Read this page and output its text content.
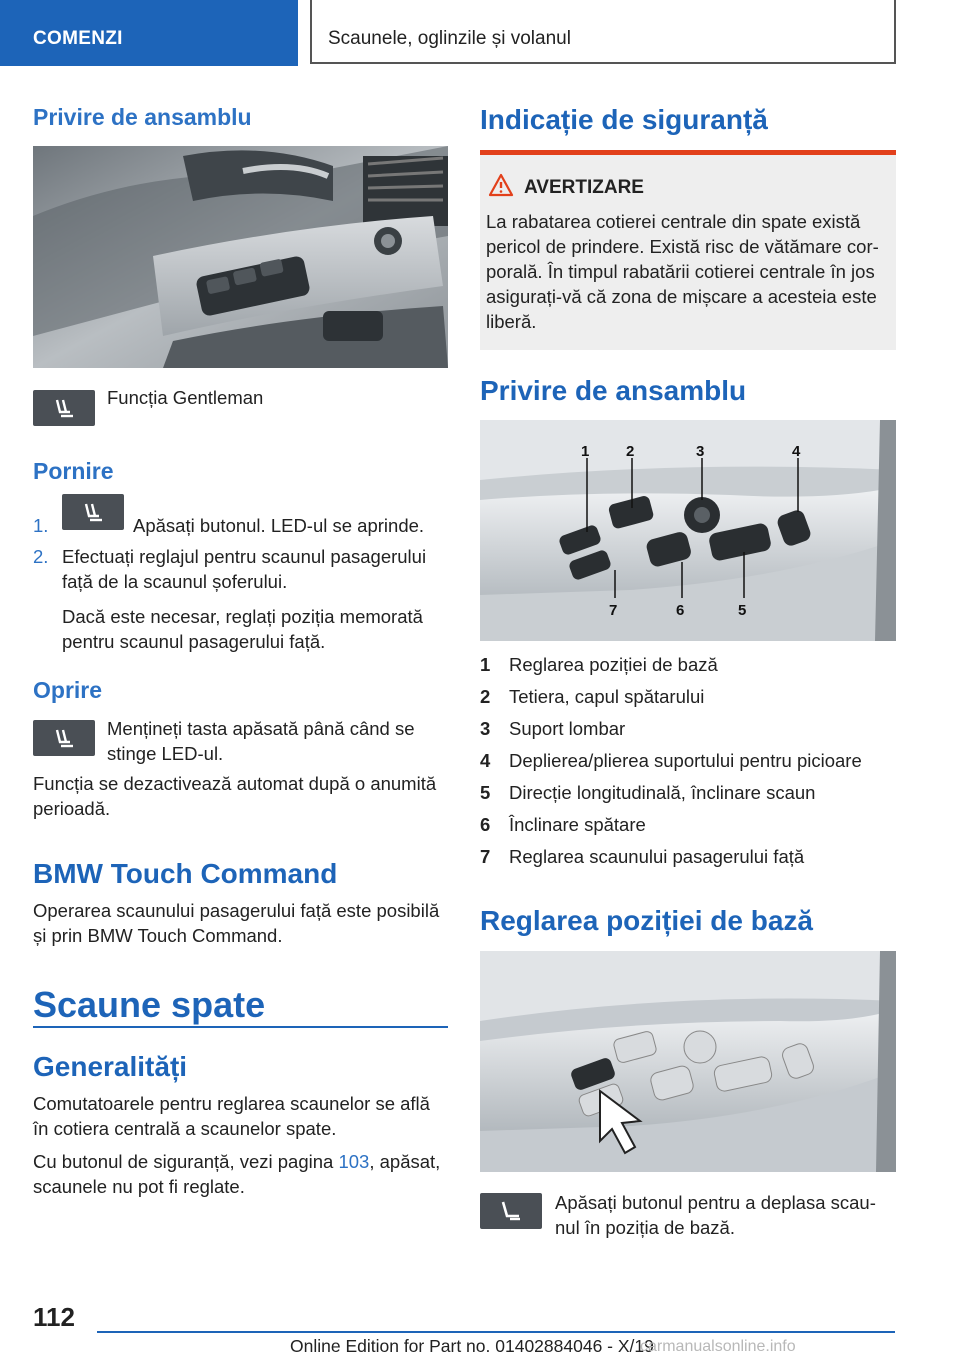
COMENZI	Scaunele, oglinzile și volanul
Privire de ansamblu
Funcția Gentleman
Pornire
1.	Apăsați butonul. LED-ul se aprinde.
2. Efectuați reglajul pentru scaunul pasagerului
față de la scaunul șoferului.
Dacă este necesar, reglați poziția memorată
pentru scaunul pasagerului față.
Oprire
Mențineți tasta apăsată până când se
stinge LED-ul.
Funcția se dezactivează automat după o anumită
perioadă.
BMW Touch Command
Operarea scaunului pasagerului față este posibilă
și prin BMW Touch Command.
Scaune spate
Generalități
Comutatoarele pentru reglarea scaunelor se află
în cotiera centrală a scaunelor spate.
Cu butonul de siguranță, vezi pagina 103, apăsat,
scaunele nu pot fi reglate.
Indicație de siguranță
AVERTIZARE
La rabatarea cotierei centrale din spate există
pericol de prindere. Există risc de vătămare cor-
porală. În timpul rabatării cotierei centrale în jos
asigurați-vă că zona de mișcare a acesteia este
liberă.
Privire de ansamblu
1 2	3	4
7	6	5
1 Reglarea poziției de bază
2 Tetiera, capul spătarului
3 Suport lombar
4 Deplierea/plierea suportului pentru picioare
5 Direcție longitudinală, înclinare scaun
6 Înclinare spătare
7 Reglarea scaunului pasagerului față
Reglarea poziției de bază
Apăsați butonul pentru a deplasa scau-
nul în poziția de bază.
112
Online Edition for Part no. 01402884046 - X/19
carmanualsonline.info
